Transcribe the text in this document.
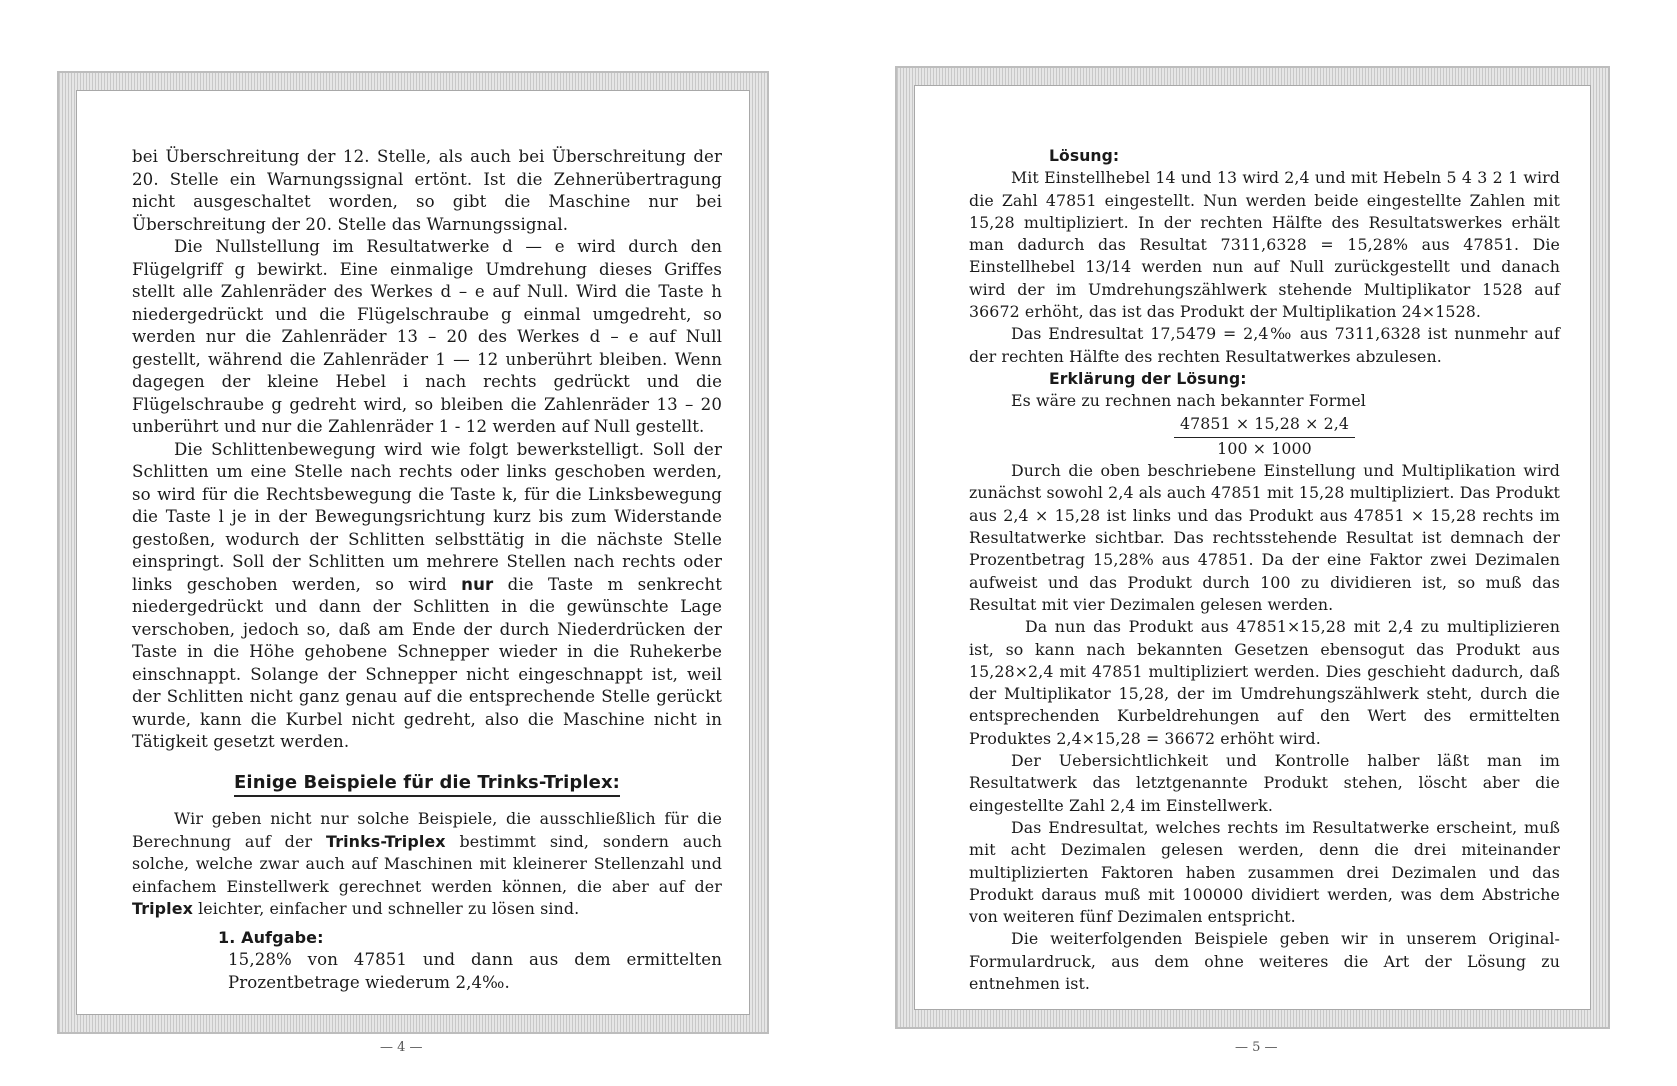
bei Überschreitung der 12. Stelle, als auch bei Überschreitung der 20. Stelle ein Warnungssignal ertönt. Ist die Zehnerübertragung nicht ausgeschaltet worden, so gibt die Maschine nur bei Überschreitung der 20. Stelle das Warnungssignal.

Die Nullstellung im Resultatwerke d — e wird durch den Flügelgriff g bewirkt. Eine einmalige Umdrehung dieses Griffes stellt alle Zahlenräder des Werkes d – e auf Null. Wird die Taste h niedergedrückt und die Flügelschraube g einmal umgedreht, so werden nur die Zahlenräder 13 – 20 des Werkes d – e auf Null gestellt, während die Zahlenräder 1 — 12 unberührt bleiben. Wenn dagegen der kleine Hebel i nach rechts gedrückt und die Flügelschraube g gedreht wird, so bleiben die Zahlenräder 13 – 20 unberührt und nur die Zahlenräder 1 - 12 werden auf Null gestellt.

Die Schlittenbewegung wird wie folgt bewerkstelligt. Soll der Schlitten um eine Stelle nach rechts oder links geschoben werden, so wird für die Rechtsbewegung die Taste k, für die Linksbewegung die Taste l je in der Bewegungsrichtung kurz bis zum Widerstande gestoßen, wodurch der Schlitten selbsttätig in die nächste Stelle einspringt. Soll der Schlitten um mehrere Stellen nach rechts oder links geschoben werden, so wird nur die Taste m senkrecht niedergedrückt und dann der Schlitten in die gewünschte Lage verschoben, jedoch so, daß am Ende der durch Niederdrücken der Taste in die Höhe gehobene Schnepper wieder in die Ruhekerbe einschnappt. Solange der Schnepper nicht eingeschnappt ist, weil der Schlitten nicht ganz genau auf die entsprechende Stelle gerückt wurde, kann die Kurbel nicht gedreht, also die Maschine nicht in Tätigkeit gesetzt werden.

Einige Beispiele für die Trinks-Triplex:

Wir geben nicht nur solche Beispiele, die ausschließlich für die Berechnung auf der Trinks-Triplex bestimmt sind, sondern auch solche, welche zwar auch auf Maschinen mit kleinerer Stellenzahl und einfachem Einstellwerk gerechnet werden können, die aber auf der Triplex leichter, einfacher und schneller zu lösen sind.

1. Aufgabe:

15,28% von 47851 und dann aus dem ermittelten Prozentbetrage wiederum 2,4‰.

— 4 —
Lösung:

Mit Einstellhebel 14 und 13 wird 2,4 und mit Hebeln 5 4 3 2 1 wird die Zahl 47851 eingestellt. Nun werden beide eingestellte Zahlen mit 15,28 multipliziert. In der rechten Hälfte des Resultatswerkes erhält man dadurch das Resultat 7311,6328 = 15,28% aus 47851. Die Einstellhebel 13/14 werden nun auf Null zurückgestellt und danach wird der im Umdrehungszählwerk stehende Multiplikator 1528 auf 36672 erhöht, das ist das Produkt der Multiplikation 24×1528.

Das Endresultat 17,5479 = 2,4‰ aus 7311,6328 ist nunmehr auf der rechten Hälfte des rechten Resultatwerkes abzulesen.

Erklärung der Lösung:

Es wäre zu rechnen nach bekannter Formel

47851 × 15,28 × 2,4
100 × 1000

Durch die oben beschriebene Einstellung und Multiplikation wird zunächst sowohl 2,4 als auch 47851 mit 15,28 multipliziert. Das Produkt aus 2,4 × 15,28 ist links und das Produkt aus 47851 × 15,28 rechts im Resultatwerke sichtbar. Das rechtsstehende Resultat ist demnach der Prozentbetrag 15,28% aus 47851. Da der eine Faktor zwei Dezimalen aufweist und das Produkt durch 100 zu dividieren ist, so muß das Resultat mit vier Dezimalen gelesen werden.

Da nun das Produkt aus 47851×15,28 mit 2,4 zu multiplizieren ist, so kann nach bekannten Gesetzen ebensogut das Produkt aus 15,28×2,4 mit 47851 multipliziert werden. Dies geschieht dadurch, daß der Multiplikator 15,28, der im Umdrehungszählwerk steht, durch die entsprechenden Kurbeldrehungen auf den Wert des ermittelten Produktes 2,4×15,28 = 36672 erhöht wird.

Der Uebersichtlichkeit und Kontrolle halber läßt man im Resultatwerk das letztgenannte Produkt stehen, löscht aber die eingestellte Zahl 2,4 im Einstellwerk.

Das Endresultat, welches rechts im Resultatwerke erscheint, muß mit acht Dezimalen gelesen werden, denn die drei miteinander multiplizierten Faktoren haben zusammen drei Dezimalen und das Produkt daraus muß mit 100000 dividiert werden, was dem Abstriche von weiteren fünf Dezimalen entspricht.

Die weiterfolgenden Beispiele geben wir in unserem Original-Formulardruck, aus dem ohne weiteres die Art der Lösung zu entnehmen ist.

— 5 —
